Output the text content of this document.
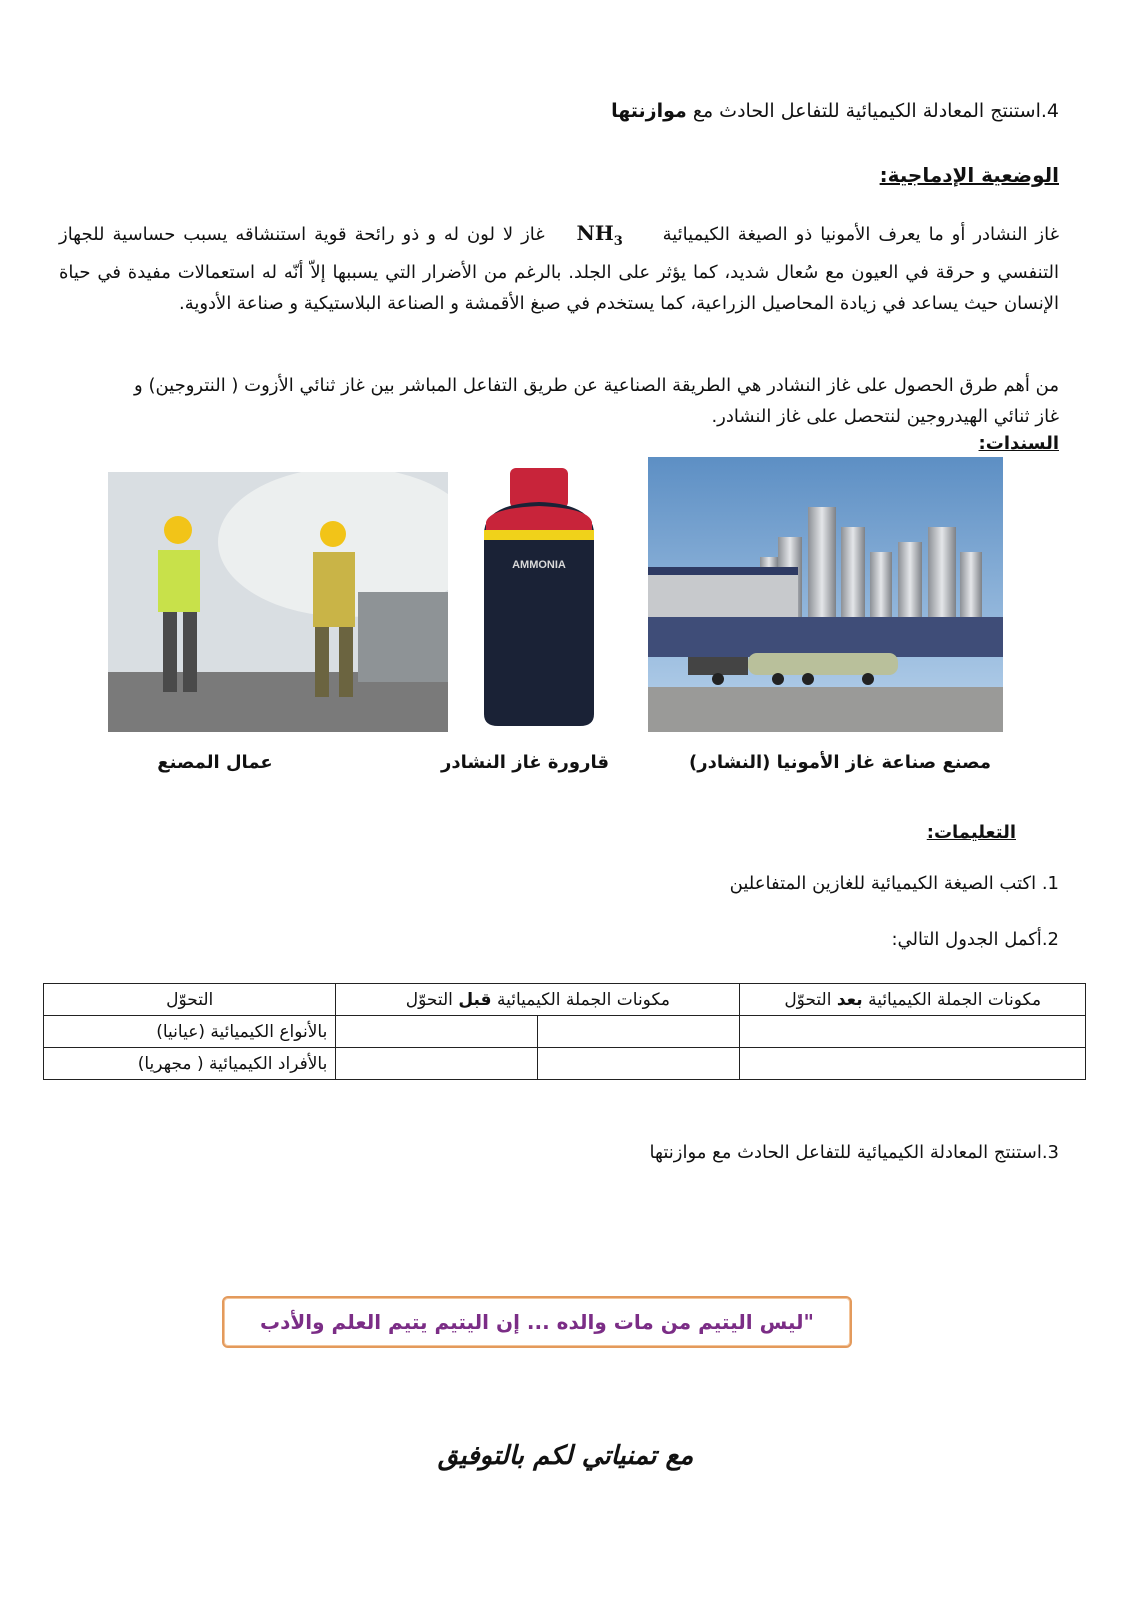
4.استنتج المعادلة الكيميائية للتفاعل الحادث مع موازنتها
الوضعية الإدماجية:
غاز النشادر أو ما يعرف الأمونيا ذو الصيغة الكيميائية     $NH_3$    غاز لا لون له و ذو رائحة قوية استنشاقه يسبب حساسية للجهاز التنفسي و حرقة في العيون مع سُعال شديد، كما يؤثر على الجلد. بالرغم من الأضرار التي يسببها إلاّ أنّه له استعمالات مفيدة في حياة الإنسان حيث يساعد في زيادة المحاصيل الزراعية، كما يستخدم في صبغ الأقمشة و الصناعة البلاستيكية و صناعة الأدوية.
من أهم طرق الحصول على غاز النشادر هي الطريقة الصناعية عن طريق التفاعل المباشر بين غاز ثنائي الأزوت ( النتروجين) و غاز ثنائي الهيدروجين لنتحصل على غاز النشادر.
السندات:
AMMONIA
مصنع صناعة غاز الأمونيا (النشادر)
قارورة غاز النشادر
عمال المصنع
التعليمات:
1. اكتب الصيغة الكيميائية للغازين المتفاعلين
2.أكمل الجدول التالي:
مكونات الجملة الكيميائية بعد التحوّل	مكونات الجملة الكيميائية قبل التحوّل		التحوّل
			بالأنواع الكيميائية (عيانيا)
			بالأفراد الكيميائية ( مجهريا)
3.استنتج المعادلة الكيميائية للتفاعل الحادث مع موازنتها
"ليس اليتيم من مات والده ... إن اليتيم يتيم العلم والأدب
مع تمنياتي لكم بالتوفيق
